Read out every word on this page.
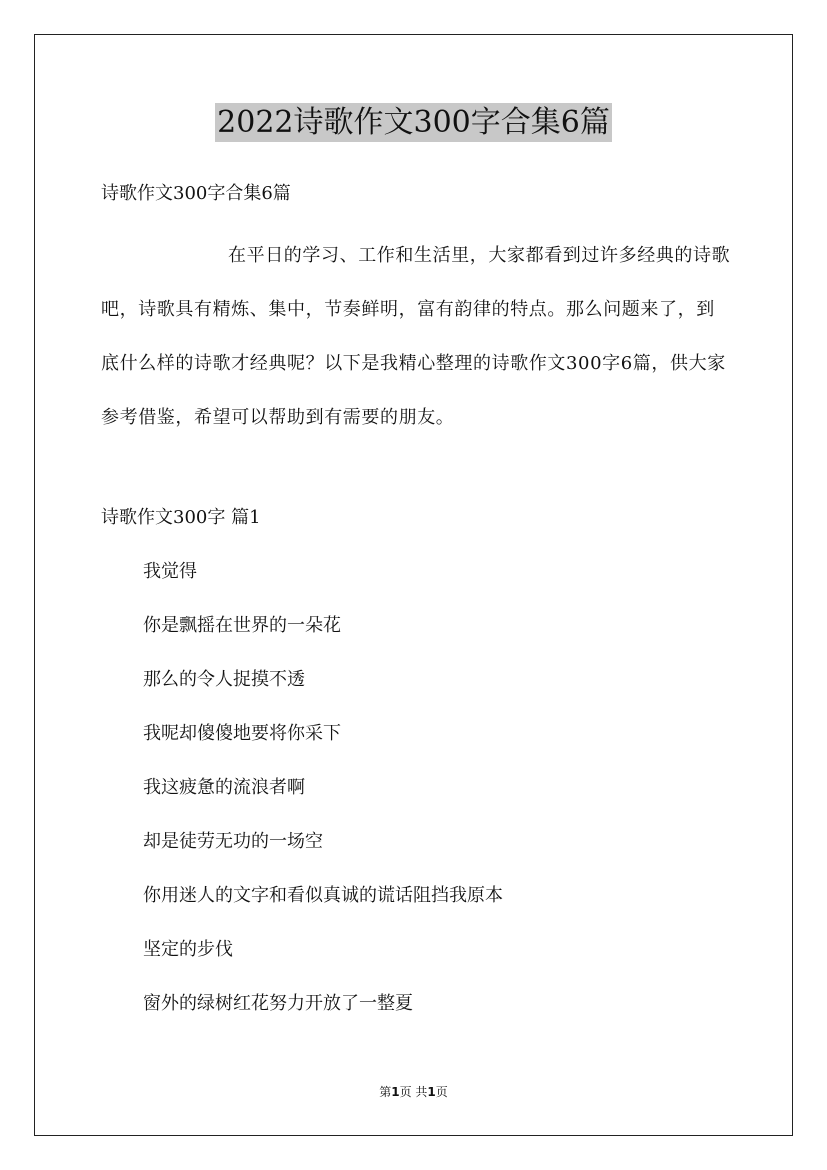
2022诗歌作文300字合集6篇
诗歌作文300字合集6篇

在平日的学习、工作和生活里，大家都看到过许多经典的诗歌吧，诗歌具有精炼、集中，节奏鲜明，富有韵律的特点。那么问题来了，到底什么样的诗歌才经典呢？以下是我精心整理的诗歌作文300字6篇，供大家参考借鉴，希望可以帮助到有需要的朋友。

诗歌作文300字 篇1
我觉得
你是飘摇在世界的一朵花
那么的令人捉摸不透
我呢却傻傻地要将你采下
我这疲惫的流浪者啊
却是徒劳无功的一场空
你用迷人的文字和看似真诚的谎话阻挡我原本
坚定的步伐
窗外的绿树红花努力开放了一整夏
第1页 共1页
